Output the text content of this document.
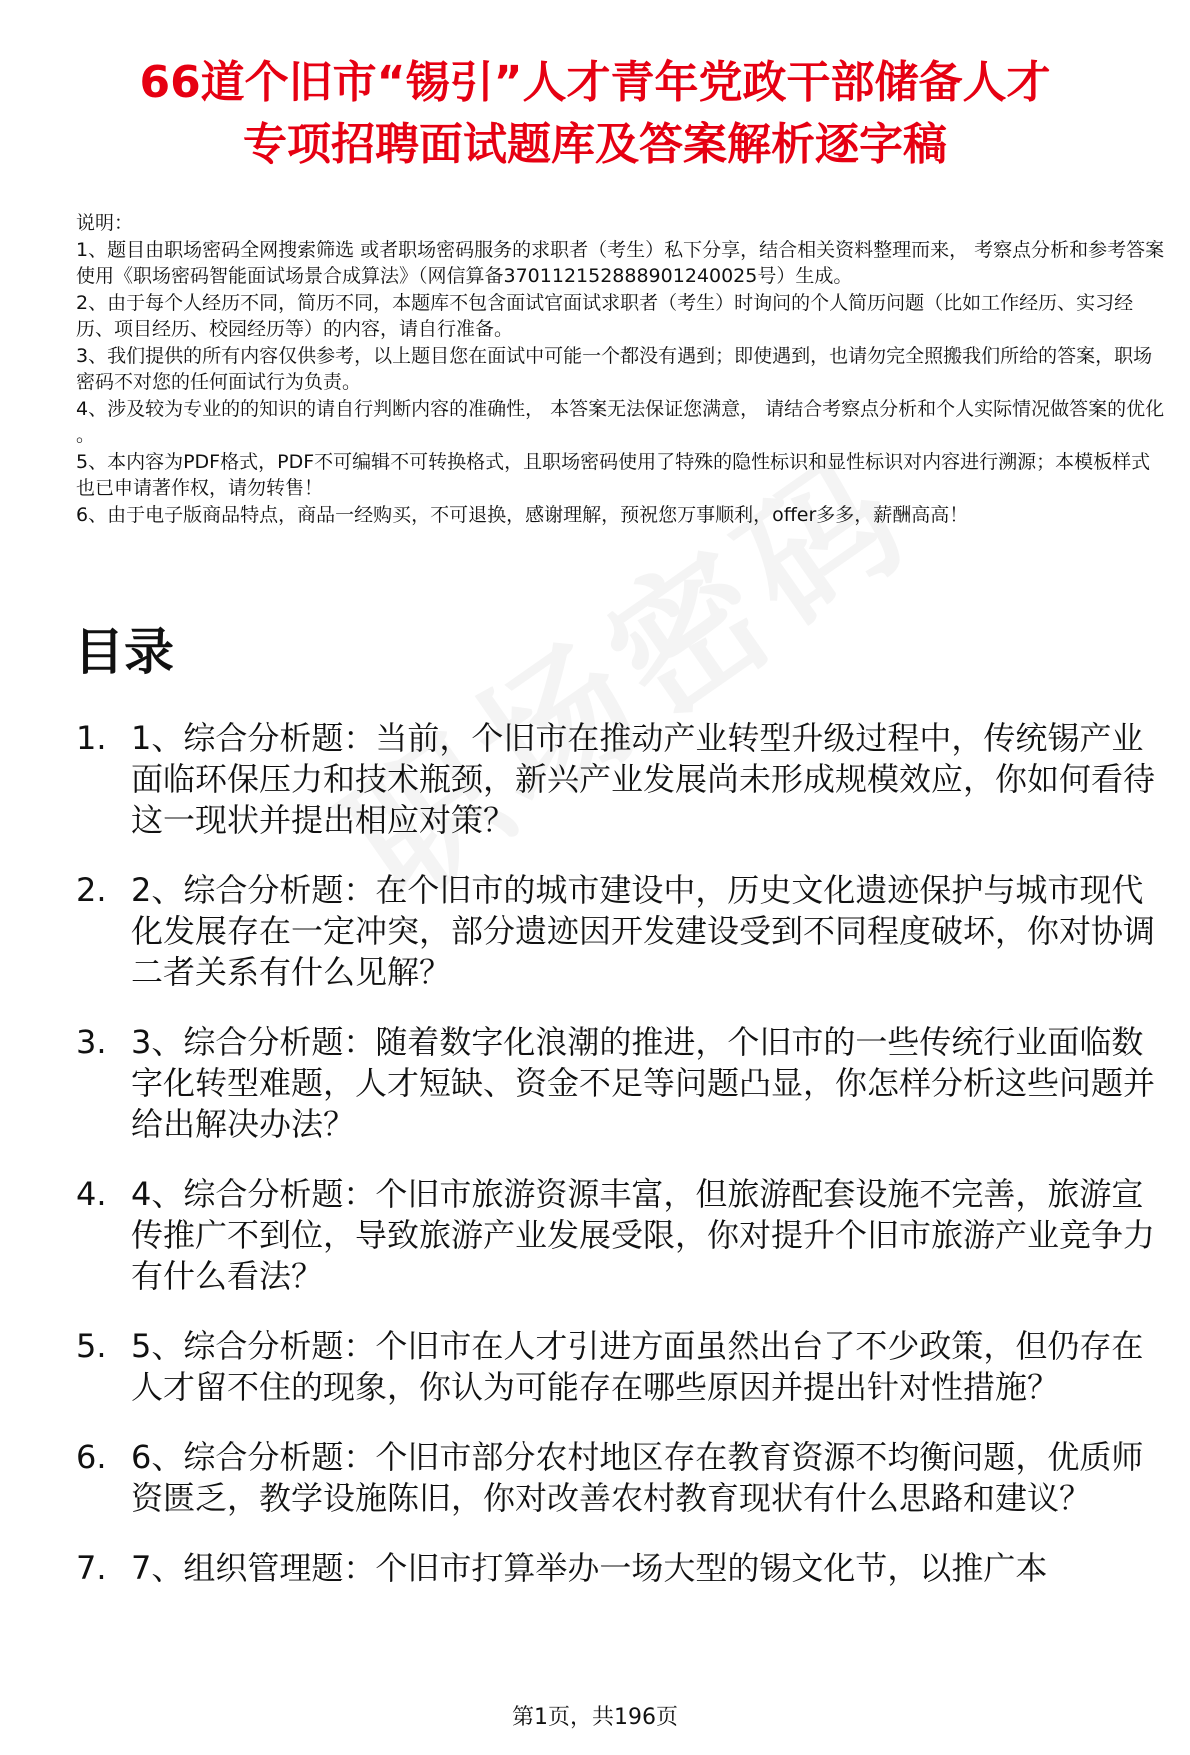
66道个旧市“锡引”人才青年党政干部储备人才
专项招聘面试题库及答案解析逐字稿

说明：

1、题目由职场密码全网搜索筛选 或者职场密码服务的求职者（考生）私下分享，结合相关资料整理而来， 考察点分析和参考答案使用《职场密码智能面试场景合成算法》（网信算备370112152888901240025号）生成。

2、由于每个人经历不同，简历不同，本题库不包含面试官面试求职者（考生）时询问的个人简历问题（比如工作经历、实习经历、项目经历、校园经历等）的内容，请自行准备。

3、我们提供的所有内容仅供参考，以上题目您在面试中可能一个都没有遇到；即使遇到，也请勿完全照搬我们所给的答案，职场密码不对您的任何面试行为负责。

4、涉及较为专业的的知识的请自行判断内容的准确性， 本答案无法保证您满意， 请结合考察点分析和个人实际情况做答案的优化 。

5、本内容为PDF格式，PDF不可编辑不可转换格式，且职场密码使用了特殊的隐性标识和显性标识对内容进行溯源；本模板样式也已申请著作权，请勿转售！

6、由于电子版商品特点，商品一经购买，不可退换，感谢理解，预祝您万事顺利，offer多多，薪酬高高！

目录
1. 1、综合分析题：当前，个旧市在推动产业转型升级过程中，传统锡产业面临环保压力和技术瓶颈，新兴产业发展尚未形成规模效应，你如何看待这一现状并提出相应对策？
2. 2、综合分析题：在个旧市的城市建设中，历史文化遗迹保护与城市现代化发展存在一定冲突，部分遗迹因开发建设受到不同程度破坏，你对协调二者关系有什么见解？
3. 3、综合分析题：随着数字化浪潮的推进，个旧市的一些传统行业面临数字化转型难题，人才短缺、资金不足等问题凸显，你怎样分析这些问题并给出解决办法？
4. 4、综合分析题：个旧市旅游资源丰富，但旅游配套设施不完善，旅游宣传推广不到位，导致旅游产业发展受限，你对提升个旧市旅游产业竞争力有什么看法？
5. 5、综合分析题：个旧市在人才引进方面虽然出台了不少政策，但仍存在人才留不住的现象，你认为可能存在哪些原因并提出针对性措施？
6. 6、综合分析题：个旧市部分农村地区存在教育资源不均衡问题，优质师资匮乏，教学设施陈旧，你对改善农村教育现状有什么思路和建议？
7. 7、组织管理题：个旧市打算举办一场大型的锡文化节，以推广本
第1页，共196页
